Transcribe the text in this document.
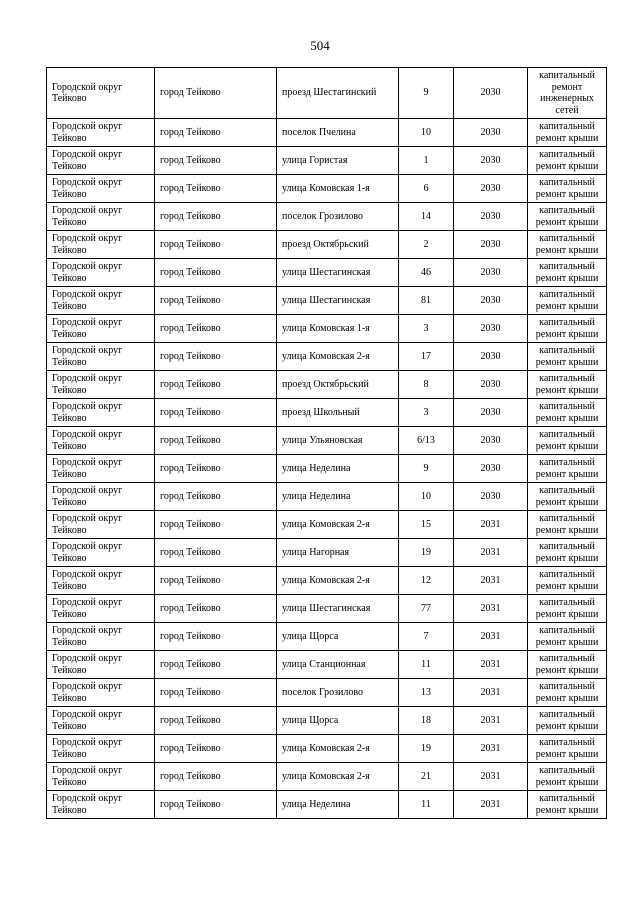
504
Городской округ Тейково	город Тейково	проезд Шестагинский	9	2030	капитальный ремонт инженерных сетей
Городской округ Тейково	город Тейково	поселок Пчелина	10	2030	капитальный ремонт крыши
Городской округ Тейково	город Тейково	улица Гористая	1	2030	капитальный ремонт крыши
Городской округ Тейково	город Тейково	улица Комовская 1-я	6	2030	капитальный ремонт крыши
Городской округ Тейково	город Тейково	поселок Грозилово	14	2030	капитальный ремонт крыши
Городской округ Тейково	город Тейково	проезд Октябрьский	2	2030	капитальный ремонт крыши
Городской округ Тейково	город Тейково	улица Шестагинская	46	2030	капитальный ремонт крыши
Городской округ Тейково	город Тейково	улица Шестагинская	81	2030	капитальный ремонт крыши
Городской округ Тейково	город Тейково	улица Комовская 1-я	3	2030	капитальный ремонт крыши
Городской округ Тейково	город Тейково	улица Комовская 2-я	17	2030	капитальный ремонт крыши
Городской округ Тейково	город Тейково	проезд Октябрьский	8	2030	капитальный ремонт крыши
Городской округ Тейково	город Тейково	проезд Школьный	3	2030	капитальный ремонт крыши
Городской округ Тейково	город Тейково	улица Ульяновская	6/13	2030	капитальный ремонт крыши
Городской округ Тейково	город Тейково	улица Неделина	9	2030	капитальный ремонт крыши
Городской округ Тейково	город Тейково	улица Неделина	10	2030	капитальный ремонт крыши
Городской округ Тейково	город Тейково	улица Комовская 2-я	15	2031	капитальный ремонт крыши
Городской округ Тейково	город Тейково	улица Нагорная	19	2031	капитальный ремонт крыши
Городской округ Тейково	город Тейково	улица Комовская 2-я	12	2031	капитальный ремонт крыши
Городской округ Тейково	город Тейково	улица Шестагинская	77	2031	капитальный ремонт крыши
Городской округ Тейково	город Тейково	улица Щорса	7	2031	капитальный ремонт крыши
Городской округ Тейково	город Тейково	улица Станционная	11	2031	капитальный ремонт крыши
Городской округ Тейково	город Тейково	поселок Грозилово	13	2031	капитальный ремонт крыши
Городской округ Тейково	город Тейково	улица Щорса	18	2031	капитальный ремонт крыши
Городской округ Тейково	город Тейково	улица Комовская 2-я	19	2031	капитальный ремонт крыши
Городской округ Тейково	город Тейково	улица Комовская 2-я	21	2031	капитальный ремонт крыши
Городской округ Тейково	город Тейково	улица Неделина	11	2031	капитальный ремонт крыши
